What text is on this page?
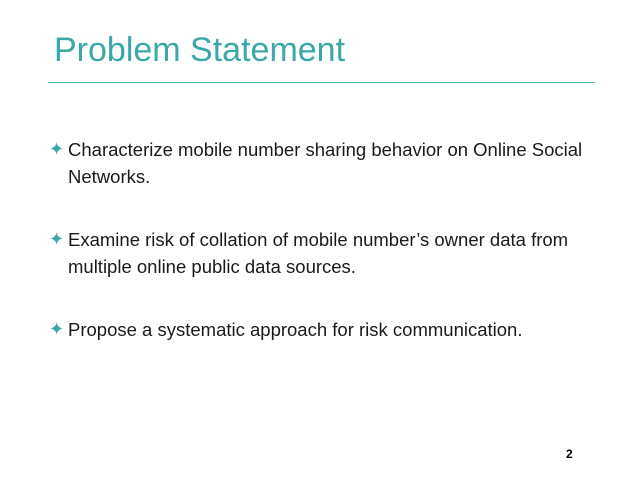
Problem Statement
✦ Characterize mobile number sharing behavior on Online Social Networks.
✦ Examine risk of collation of mobile number’s owner data from multiple online public data sources.
✦ Propose a systematic approach for risk communication.
2
